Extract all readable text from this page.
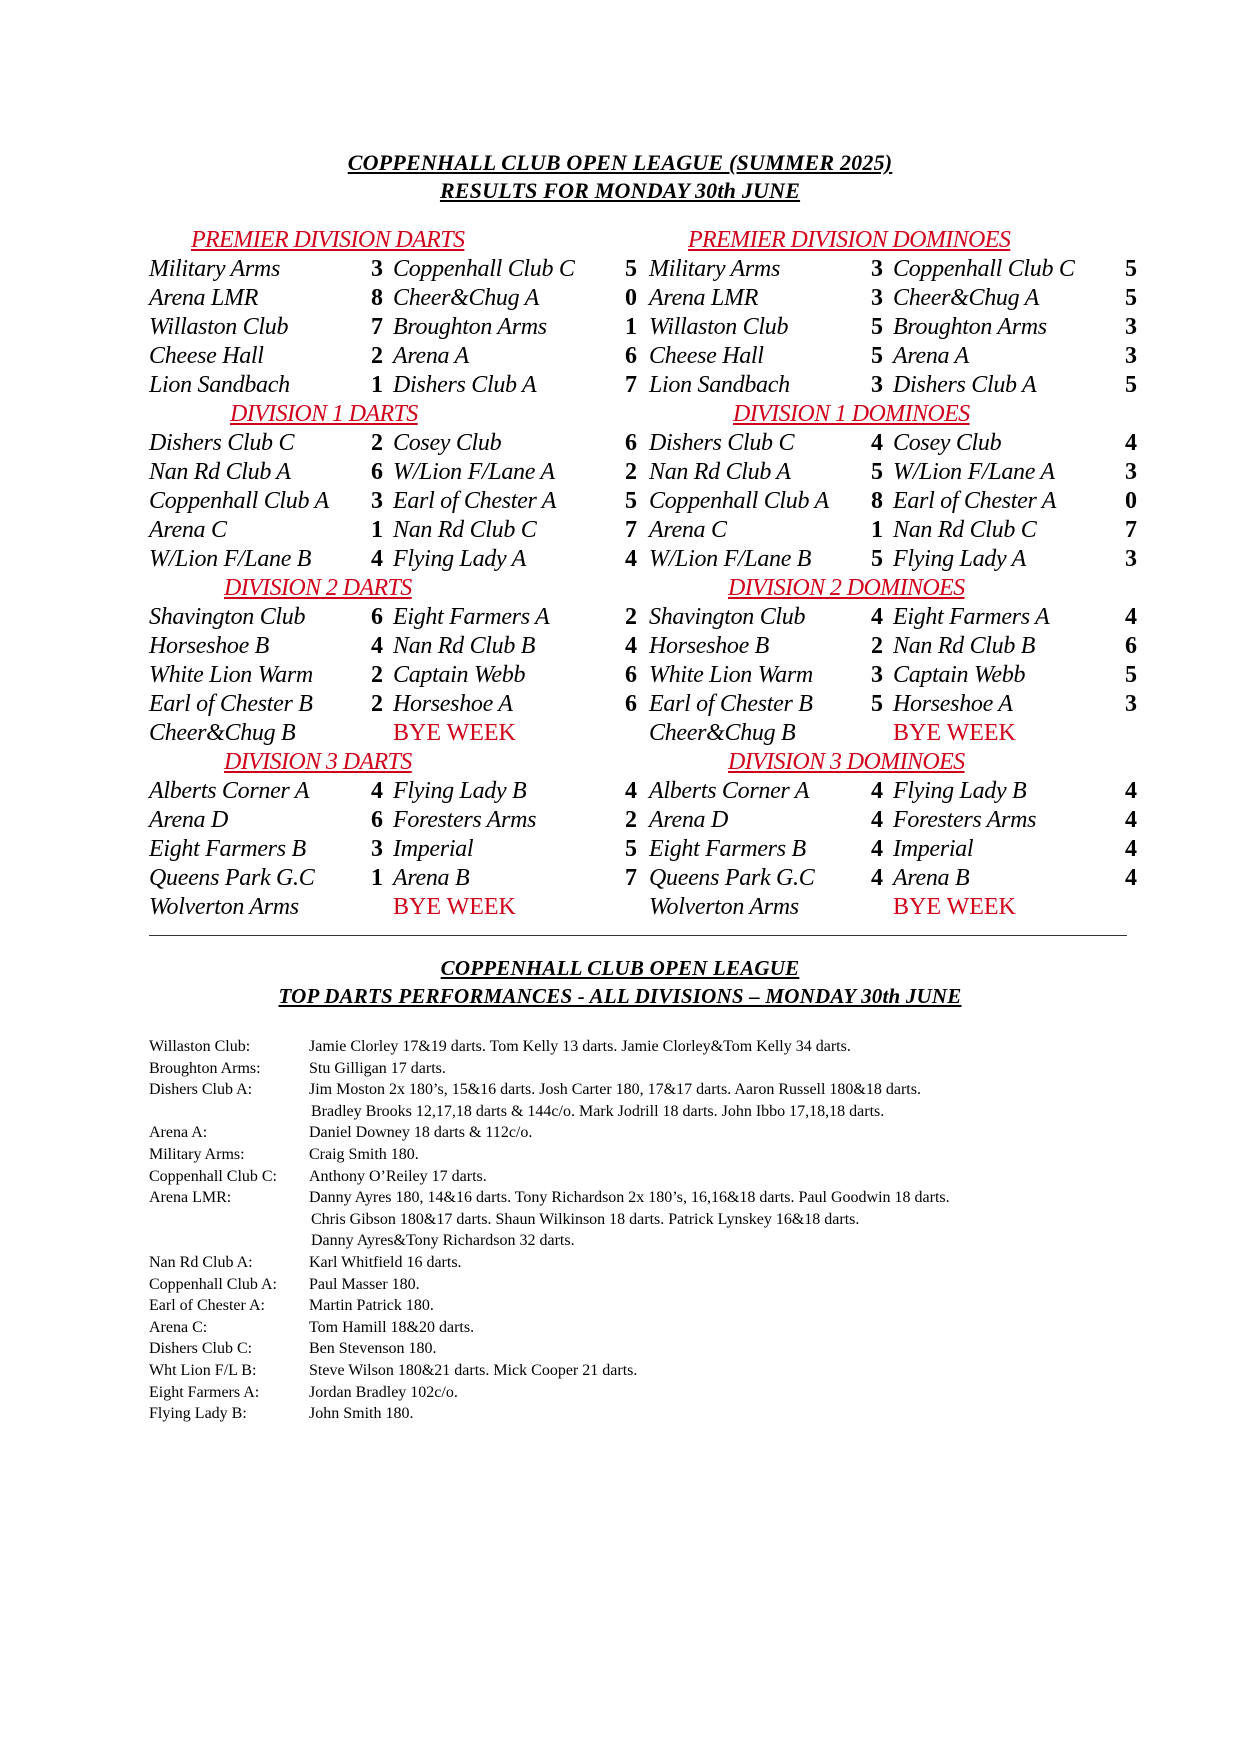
COPPENHALL CLUB OPEN LEAGUE (SUMMER 2025)
RESULTS FOR MONDAY 30th JUNE
PREMIER DIVISION DARTS
Military Arms	3 Coppenhall Club C 5
Arena LMR	8 Cheer&Chug A	0
Willaston Club	7 Broughton Arms	1
Cheese Hall	2 Arena A	6
Lion Sandbach	1 Dishers Club A	7
DIVISION 1 DARTS
Dishers Club C	2 Cosey Club	6
Nan Rd Club A	6 W/Lion F/Lane A	2
Coppenhall Club A 3 Earl of Chester A	5
Arena C	1 Nan Rd Club C	7
W/Lion F/Lane B 4 Flying Lady A	4
DIVISION 2 DARTS
Shavington Club	6 Eight Farmers A	2
Horseshoe B	4 Nan Rd Club B	4
White Lion Warm 2 Captain Webb	6
Earl of Chester B 2 Horseshoe A	6
Cheer&Chug B	BYE WEEK
DIVISION 3 DARTS
Alberts Corner A	4 Flying Lady B	4
Arena D	6 Foresters Arms	2
Eight Farmers B	3 Imperial	5
Queens Park G.C 1 Arena B	7
Wolverton Arms	BYE WEEK
PREMIER DIVISION DOMINOES
Military Arms	3 Coppenhall Club C 5
Arena LMR	3 Cheer&Chug A	5
Willaston Club	5 Broughton Arms	3
Cheese Hall	5 Arena A	3
Lion Sandbach	3 Dishers Club A	5
DIVISION 1 DOMINOES
Dishers Club C	4 Cosey Club	4
Nan Rd Club A	5 W/Lion F/Lane A	3
Coppenhall Club A 8 Earl of Chester A	0
Arena C	1 Nan Rd Club C	7
W/Lion F/Lane B 5 Flying Lady A	3
DIVISION 2 DOMINOES
Shavington Club	4 Eight Farmers A	4
Horseshoe B	2 Nan Rd Club B	6
White Lion Warm 3 Captain Webb	5
Earl of Chester B 5 Horseshoe A	3
Cheer&Chug B	BYE WEEK
DIVISION 3 DOMINOES
Alberts Corner A	4 Flying Lady B	4
Arena D	4 Foresters Arms	4
Eight Farmers B	4 Imperial	4
Queens Park G.C 4 Arena B	4
Wolverton Arms	BYE WEEK
COPPENHALL CLUB OPEN LEAGUE
TOP DARTS PERFORMANCES - ALL DIVISIONS – MONDAY 30th JUNE
Willaston Club:	Jamie Clorley 17&19 darts. Tom Kelly 13 darts. Jamie Clorley&Tom Kelly 34 darts.
Broughton Arms:	Stu Gilligan 17 darts.
Dishers Club A:	Jim Moston 2x 180’s, 15&16 darts. Josh Carter 180, 17&17 darts. Aaron Russell 180&18 darts.
Bradley Brooks 12,17,18 darts & 144c/o. Mark Jodrill 18 darts. John Ibbo 17,18,18 darts.
Arena A:	Daniel Downey 18 darts & 112c/o.
Military Arms:	Craig Smith 180.
Coppenhall Club C: Anthony O’Reiley 17 darts.
Arena LMR:	Danny Ayres 180, 14&16 darts. Tony Richardson 2x 180’s, 16,16&18 darts. Paul Goodwin 18 darts.
Chris Gibson 180&17 darts. Shaun Wilkinson 18 darts. Patrick Lynskey 16&18 darts.
Danny Ayres&Tony Richardson 32 darts.
Nan Rd Club A:	Karl Whitfield 16 darts.
Coppenhall Club A: Paul Masser 180.
Earl of Chester A:	Martin Patrick 180.
Arena C:	Tom Hamill 18&20 darts.
Dishers Club C:	Ben Stevenson 180.
Wht Lion F/L B:	Steve Wilson 180&21 darts. Mick Cooper 21 darts.
Eight Farmers A:	Jordan Bradley 102c/o.
Flying Lady B:	John Smith 180.
